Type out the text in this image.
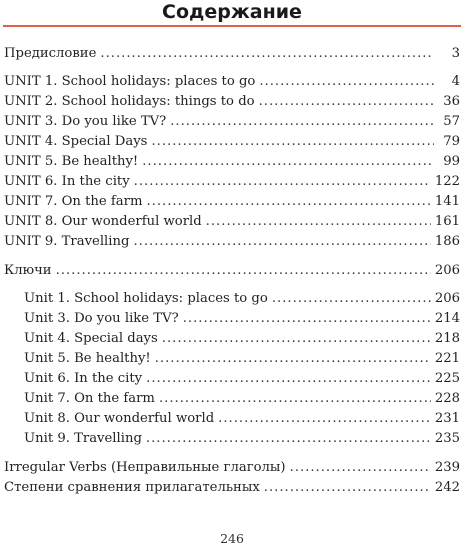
Содержание
Предисловие .....	3
UNIT 1. School holidays: places to go .....	4
UNIT 2. School holidays: things to do .....	36
UNIT 3. Do you like TV? .....	57
UNIT 4. Special Days .....	79
UNIT 5. Be healthy! .....	99
UNIT 6. In the city .....	122
UNIT 7. On the farm .....	141
UNIT 8. Our wonderful world .....	161
UNIT 9. Travelling .....	186
Ключи .....	206
Unit 1. School holidays: places to go .....	206
Unit 3. Do you like TV? .....	214
Unit 4. Special days .....	218
Unit 5. Be healthy! .....	221
Unit 6. In the city .....	225
Unit 7. On the farm .....	228
Unit 8. Our wonderful world .....	231
Unit 9. Travelling .....	235
Irregular Verbs (Неправильные глаголы) .....	239
Степени сравнения прилагательных .....	242
246
